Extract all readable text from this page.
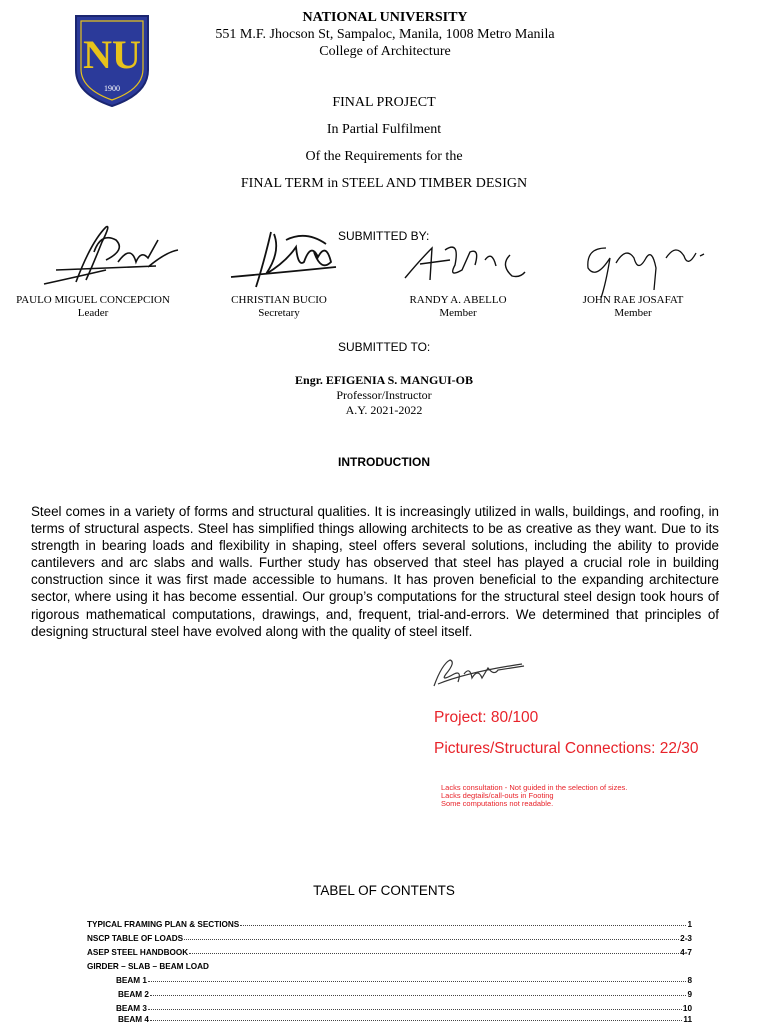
NU
1900
NATIONAL UNIVERSITY
551 M.F. Jhocson St, Sampaloc, Manila, 1008 Metro Manila
College of Architecture
FINAL PROJECT
In Partial Fulfilment
Of the Requirements for the
FINAL TERM in STEEL AND TIMBER DESIGN
SUBMITTED BY:
PAULO MIGUEL CONCEPCION
Leader
CHRISTIAN BUCIO
Secretary
RANDY A. ABELLO
Member
JOHN RAE JOSAFAT
Member
SUBMITTED TO:
Engr. EFIGENIA S. MANGUI-OB
Professor/Instructor
A.Y. 2021-2022
INTRODUCTION
Steel comes in a variety of forms and structural qualities. It is increasingly utilized in walls, buildings, and roofing, in terms of structural aspects. Steel has simplified things allowing architects to be as creative as they want. Due to its strength in bearing loads and flexibility in shaping, steel offers several solutions, including the ability to provide cantilevers and arc slabs and walls. Further study has observed that steel has played a crucial role in building construction since it was first made accessible to humans. It has proven beneficial to the expanding architecture sector, where using it has become essential. Our group’s computations for the structural steel design took hours of rigorous mathematical computations, drawings, and, frequent, trial-and-errors. We determined that principles of designing structural steel have evolved along with the quality of steel itself.
Project: 80/100
Pictures/Structural Connections: 22/30
Lacks consultation - Not guided in the selection of sizes.
Lacks degtails/call-outs in Footing
Some computations not readable.
TABEL OF CONTENTS
TYPICAL FRAMING PLAN & SECTIONS	1
NSCP TABLE OF LOADS	2-3
ASEP STEEL HANDBOOK	4-7
GIRDER – SLAB – BEAM LOAD
BEAM 1	8
BEAM 2	9
BEAM 3	10
BEAM 4	11
